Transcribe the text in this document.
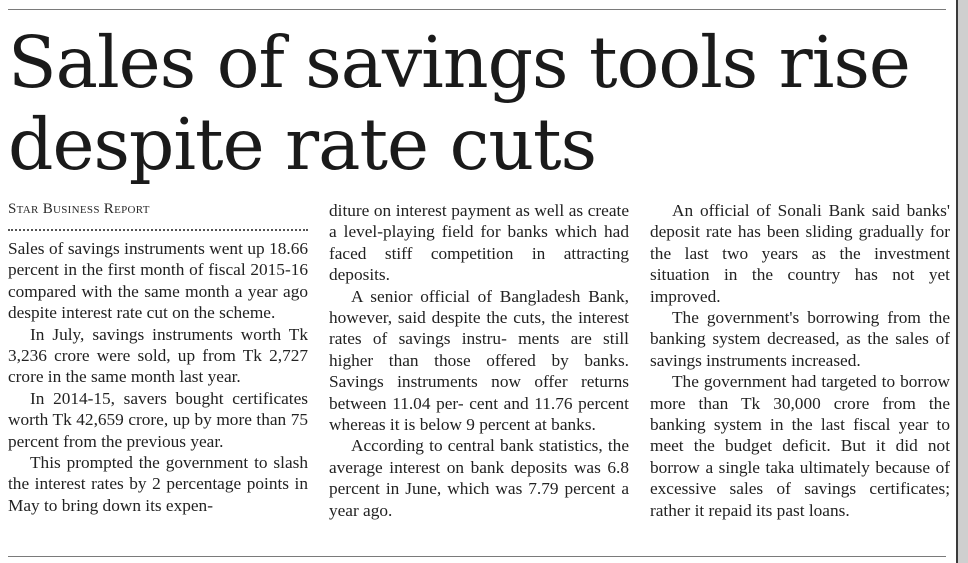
Sales of savings tools rise
despite rate cuts
Star Business Report

Sales of savings instruments went up 18.66 percent in the first month of fiscal 2015-16 compared with the same month a year ago despite interest rate cut on the scheme.

In July, savings instruments worth Tk 3,236 crore were sold, up from Tk 2,727 crore in the same month last year.

In 2014-15, savers bought certificates worth Tk 42,659 crore, up by more than 75 percent from the previous year.

This prompted the government to slash the interest rates by 2 percentage points in May to bring down its expen-

diture on interest payment as well as create a level-playing field for banks which had faced stiff competition in attracting deposits.

A senior official of Bangladesh Bank, however, said despite the cuts, the interest rates of savings instru- ments are still higher than those offered by banks. Savings instruments now offer returns between 11.04 per- cent and 11.76 percent whereas it is below 9 percent at banks.

According to central bank statistics, the average interest on bank deposits was 6.8 percent in June, which was 7.79 percent a year ago.

An official of Sonali Bank said banks' deposit rate has been sliding gradually for the last two years as the investment situation in the country has not yet improved.

The government's borrowing from the banking system decreased, as the sales of savings instruments increased.

The government had targeted to borrow more than Tk 30,000 crore from the banking system in the last fiscal year to meet the budget deficit. But it did not borrow a single taka ultimately because of excessive sales of savings certificates; rather it repaid its past loans.
